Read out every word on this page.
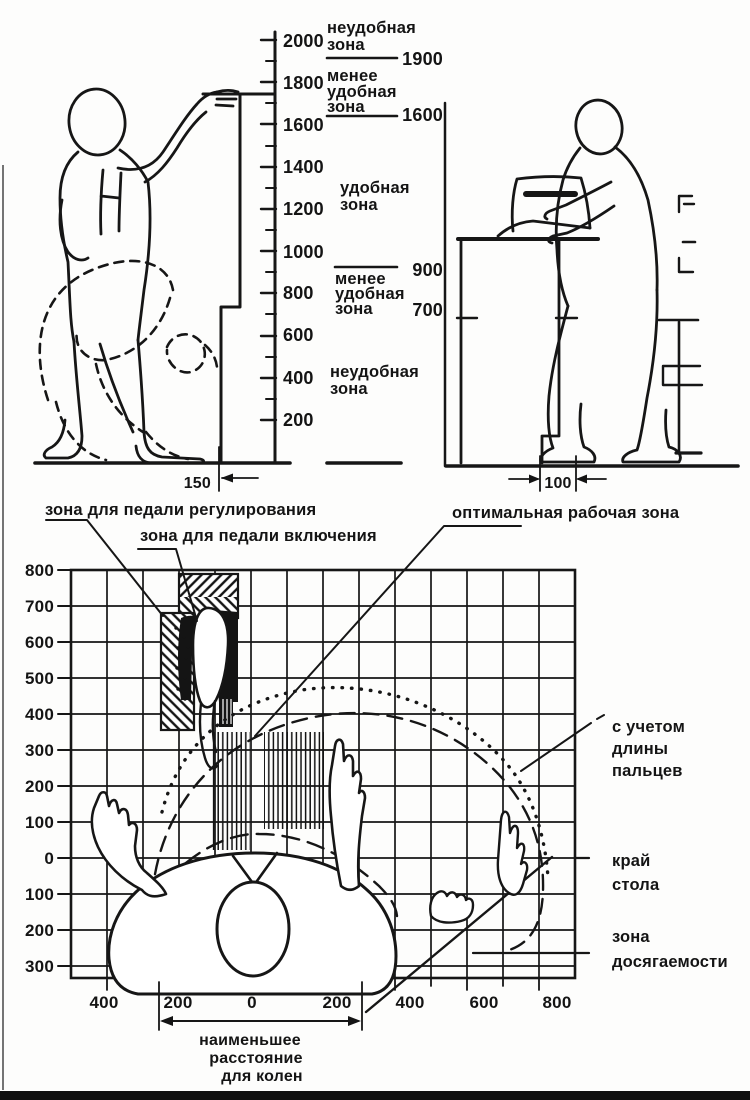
150
2000
1800
1600
1400
1200
1000
800
600
400
200
1900
1600
900
700
неудобная
зона
менее
удобная
зона
удобная
зона
менее
удобная
зона
неудобная
зона
100
800
700
600
500
400
300
200
100
0
100
200
300
400	200	0	200	400	600	800
зона для педали регулирования
зона для педали включения
оптимальная рабочая зона
с учетом
длины
пальцев
край
стола
зона
досягаемости
наименьшее
расстояние
для колен
